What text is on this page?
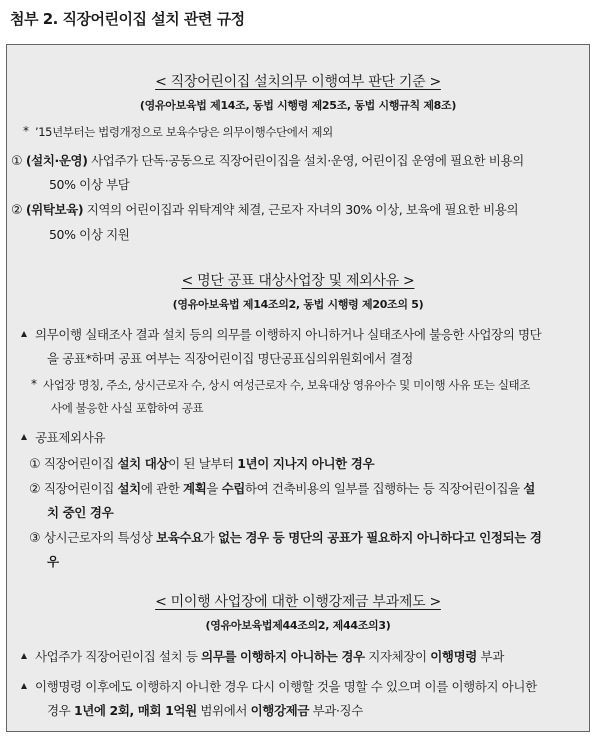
첨부 2. 직장어린이집 설치 관련 규정
< 직장어린이집 설치의무 이행여부 판단 기준 >
(영유아보육법 제14조, 동법 시행령 제25조, 동법 시행규칙 제8조)
* ’15년부터는 법령개정으로 보육수당은 의무이행수단에서 제외
① (설치·운영) 사업주가 단독·공동으로 직장어린이집을 설치·운영, 어린이집 운영에 필요한 비용의
50% 이상 부담
② (위탁보육) 지역의 어린이집과 위탁계약 체결, 근로자 자녀의 30% 이상, 보육에 필요한 비용의
50% 이상 지원
< 명단 공표 대상사업장 및 제외사유 >
(영유아보육법 제14조의2, 동법 시행령 제20조의 5)
의무이행 실태조사 결과 설치 등의 의무를 이행하지 아니하거나 실태조사에 불응한 사업장의 명단
을 공표*하며 공표 여부는 직장어린이집 명단공표심의위원회에서 결정
* 사업장 명칭, 주소, 상시근로자 수, 상시 여성근로자 수, 보육대상 영유아수 및 미이행 사유 또는 실태조
사에 불응한 사실 포함하여 공표
공표제외사유
① 직장어린이집 설치 대상이 된 날부터 1년이 지나지 아니한 경우
② 직장어린이집 설치에 관한 계획을 수립하여 건축비용의 일부를 집행하는 등 직장어린이집을 설
치 중인 경우
③ 상시근로자의 특성상 보육수요가 없는 경우 등 명단의 공표가 필요하지 아니하다고 인정되는 경
우
< 미이행 사업장에 대한 이행강제금 부과제도 >
(영유아보육법제44조의2, 제44조의3)
사업주가 직장어린이집 설치 등 의무를 이행하지 아니하는 경우 지자체장이 이행명령 부과
이행명령 이후에도 이행하지 아니한 경우 다시 이행할 것을 명할 수 있으며 이를 이행하지 아니한
경우 1년에 2회, 매회 1억원 범위에서 이행강제금 부과·징수
